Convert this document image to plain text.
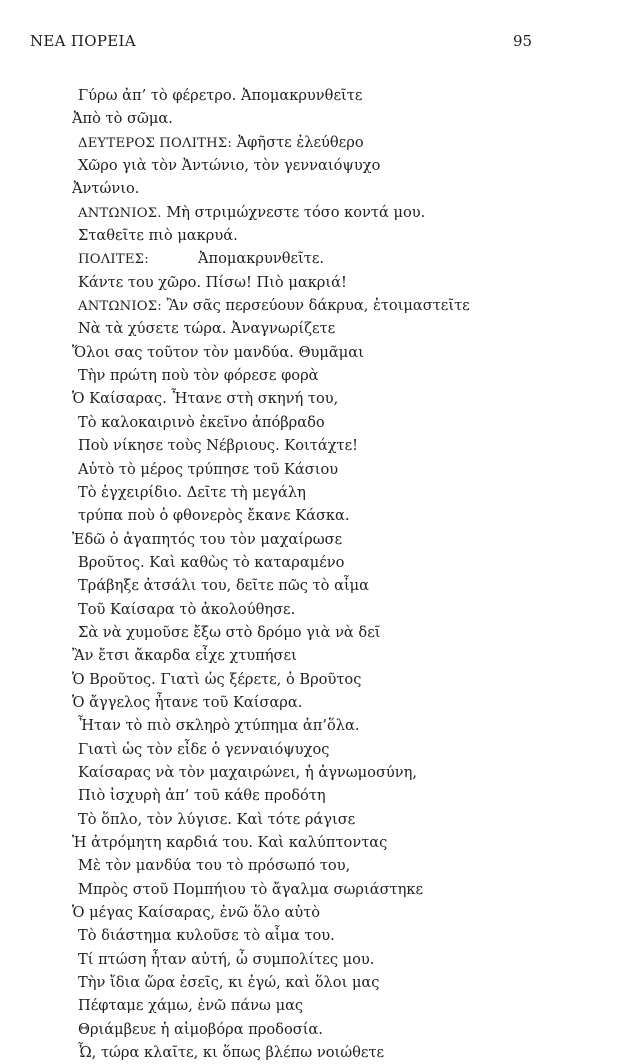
ΝΕΑ ΠΟΡΕΙΑ	95
Γύρω ἀπ’ τὸ φέρετρο. Ἀπομακρυνθεῖτε
Ἀπὸ τὸ σῶμα.
ΔΕΥΤΕΡΟΣ ΠΟΛΙΤΗΣ: Ἀφῆστε ἐλεύθερο
Χῶρο γιὰ τὸν Ἀντώνιο, τὸν γενναιόψυχο
Ἀντώνιο.
ΑΝΤΩΝΙΟΣ. Μὴ στριμώχνεστε τόσο κοντά μου.
Σταθεῖτε πιὸ μακρυά.
ΠΟΛΙΤΕΣ:	Ἀπομακρυνθεῖτε.
Κάντε του χῶρο. Πίσω! Πιὸ μακριά!
ΑΝΤΩΝΙΟΣ: Ἂν σᾶς περσεύουν δάκρυα, ἑτοιμαστεῖτε
Νὰ τὰ χύσετε τώρα. Ἀναγνωρίζετε
Ὅλοι σας τοῦτον τὸν μανδύα. Θυμᾶμαι
Τὴν πρώτη ποὺ τὸν φόρεσε φορὰ
Ὁ Καίσαρας. Ἦτανε στὴ σκηνή του,
Τὸ καλοκαιρινὸ ἐκεῖνο ἀπόβραδο
Ποὺ νίκησε τοὺς Νέβριους. Κοιτάχτε!
Αὐτὸ τὸ μέρος τρύπησε τοῦ Κάσιου
Τὸ ἐγχειρίδιο. Δεῖτε τὴ μεγάλη
τρύπα ποὺ ὁ φθονερὸς ἔκανε Κάσκα.
Ἐδῶ ὁ ἀγαπητός του τὸν μαχαίρωσε
Βροῦτος. Καὶ καθὼς τὸ καταραμένο
Τράβηξε ἀτσάλι του, δεῖτε πῶς τὸ αἷμα
Τοῦ Καίσαρα τὸ ἀκολούθησε.
Σὰ νὰ χυμοῦσε ἔξω στὸ δρόμο γιὰ νὰ δεῖ
Ἂν ἔτσι ἄκαρδα εἶχε χτυπήσει
Ὁ Βροῦτος. Γιατὶ ὡς ξέρετε, ὁ Βροῦτος
Ὁ ἄγγελος ἦτανε τοῦ Καίσαρα.
Ἦταν τὸ πιὸ σκληρὸ χτύπημα ἀπ’ὅλα.
Γιατὶ ὡς τὸν εἶδε ὁ γενναιόψυχος
Καίσαρας νὰ τὸν μαχαιρώνει, ἡ ἀγνωμοσύνη,
Πιὸ ἰσχυρὴ ἀπ’ τοῦ κάθε προδότη
Τὸ ὅπλο, τὸν λύγισε. Καὶ τότε ράγισε
Ἡ ἀτρόμητη καρδιά του. Καὶ καλύπτοντας
Μὲ τὸν μανδύα του τὸ πρόσωπό του,
Μπρὸς στοῦ Πομπήιου τὸ ἄγαλμα σωριάστηκε
Ὁ μέγας Καίσαρας, ἐνῶ ὅλο αὐτὸ
Τὸ διάστημα κυλοῦσε τὸ αἷμα του.
Τί πτώση ἦταν αὐτή, ὦ συμπολίτες μου.
Τὴν ἴδια ὥρα ἐσεῖς, κι ἐγώ, καὶ ὅλοι μας
Πέφταμε χάμω, ἐνῶ πάνω μας
Θριάμβευε ἡ αἱμοβόρα προδοσία.
Ὦ, τώρα κλαῖτε, κι ὅπως βλέπω νοιώθετε
